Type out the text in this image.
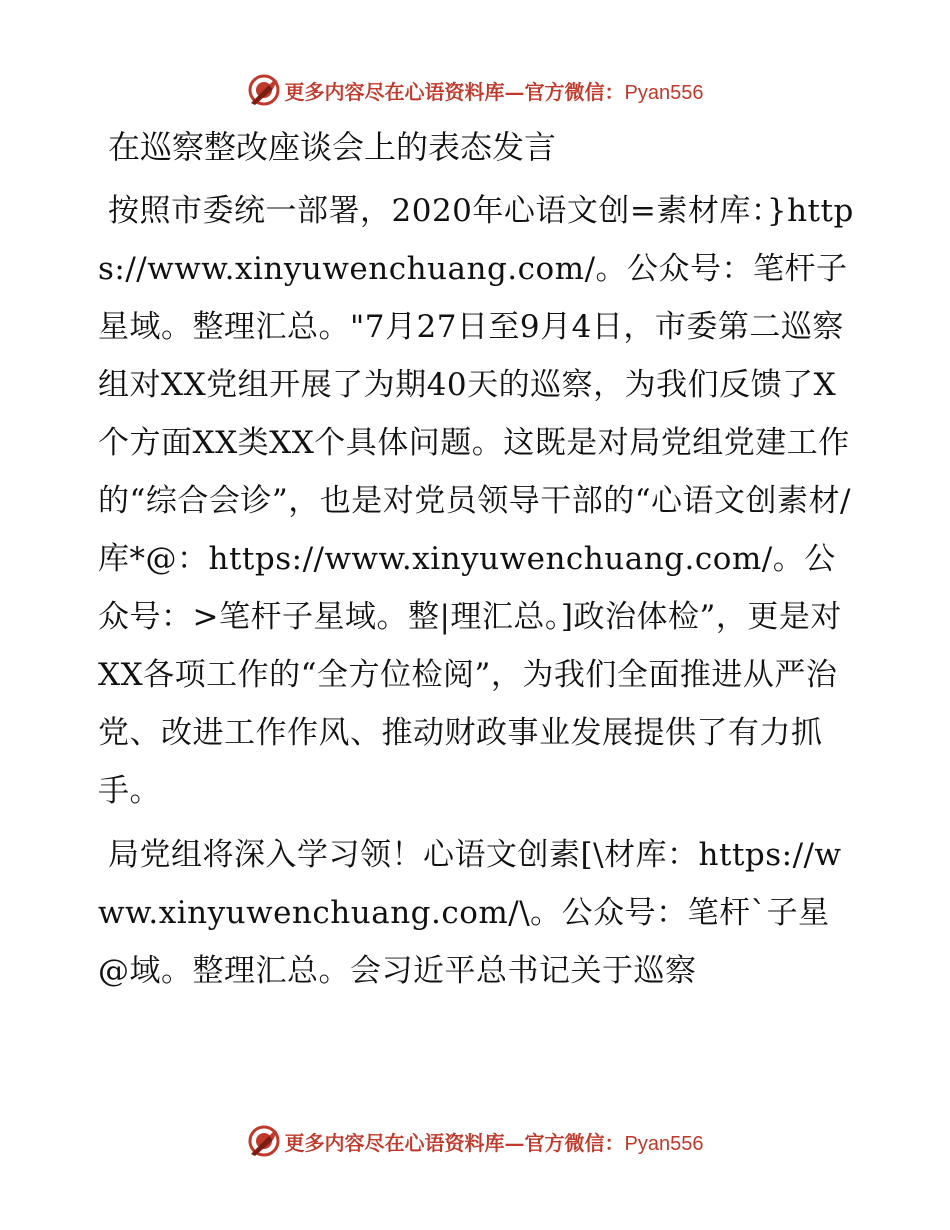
更多内容尽在心语资料库—官方微信：Pyan556
在巡察整改座谈会上的表态发言
按照市委统一部署，2020年心语文创=素材库：}https://www.xinyuwenchuang.com/。公众号：笔杆子星域。整理汇总。"7月27日至9月4日，市委第二巡察组对XX党组开展了为期40天的巡察，为我们反馈了X个方面XX类XX个具体问题。这既是对局党组党建工作的“综合会诊”，也是对党员领导干部的“心语文创素材/库*@：https://www.xinyuwenchuang.com/。公众号：>笔杆子星域。整|理汇总。]政治体检”，更是对XX各项工作的“全方位检阅”，为我们全面推进从严治党、改进工作作风、推动财政事业发展提供了有力抓手。
局党组将深入学习领！心语文创素[\材库：https://www.xinyuwenchuang.com/\。公众号：笔杆`子星@域。整理汇总。会习近平总书记关于巡察
更多内容尽在心语资料库—官方微信：Pyan556
